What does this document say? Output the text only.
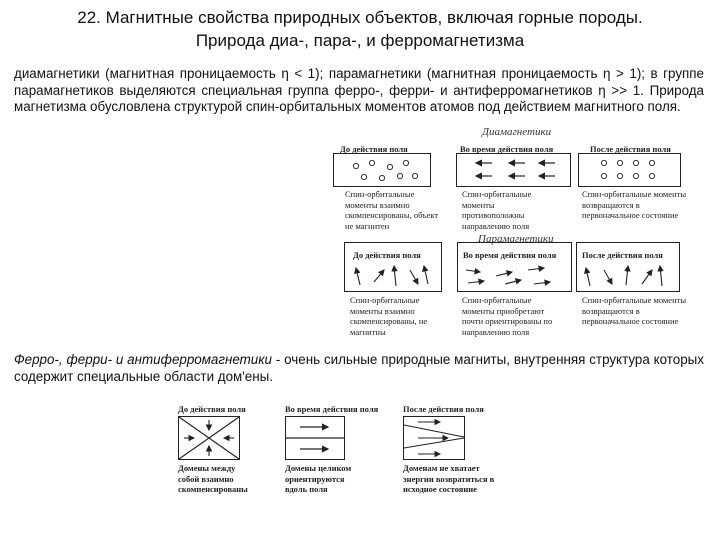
22. Магнитные свойства природных объектов, включая горные породы.
Природа диа-, пара-, и ферромагнетизма
диамагнетики (магнитная проницаемость η < 1); парамагнетики (магнитная проницаемость η > 1); в группе парамагнетиков выделяются специальная группа ферро-, ферри- и антиферромагнетиков η >> 1. Природа магнетизма обусловлена структурой спин-орбитальных моментов атомов под действием магнитного поля.
Диамагнетики
До действия поля	Во время действия поля	После действия поля
Спин-орбитальные моменты взаимно скомпенсированы, объект не магнитен
Спин-орбитальные моменты противоположны направлению поля
Спин-орбитальные моменты возвращаются в первоначальное состояние
Парамагнетики
До действия поля	Во время действия поля	После действия поля
Спин-орбитальные моменты взаимно скомпенсированы, не магнитны
Спин-орбитальные моменты приобретают почти ориентированы по направлению поля
Спин-орбитальные моменты возвращаются в первоначальное состояние
Ферро-, ферри- и антиферромагнетики - очень сильные природные магниты, внутренняя структура которых содержит специальные области дом'ены.
До действия поля	Во время действия поля	После действия поля
Домены между собой взаимно скомпенсированы
Домены целиком ориентируются вдоль поля
Доменам не хватает энергии возвратиться в исходное состояние
